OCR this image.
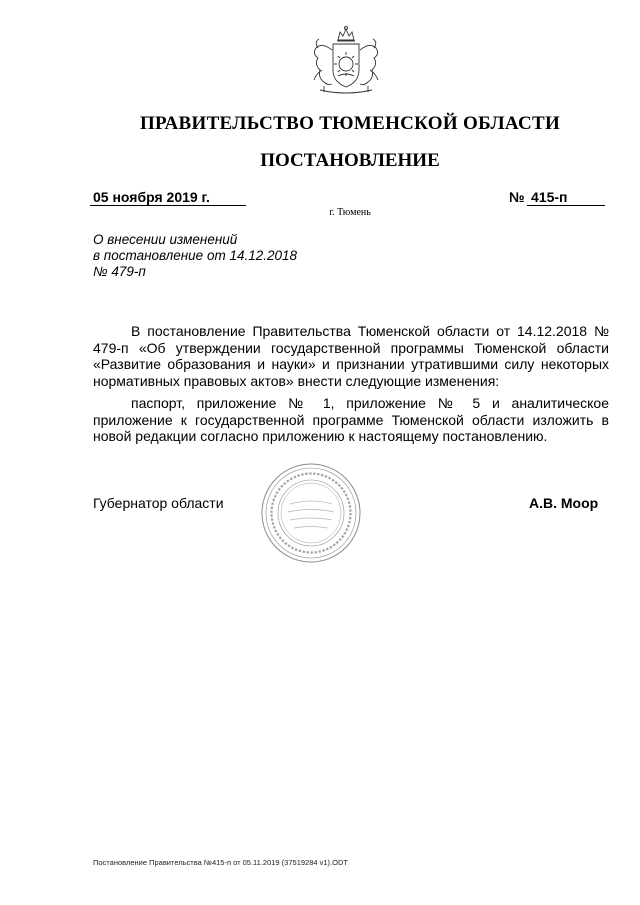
ПРАВИТЕЛЬСТВО ТЮМЕНСКОЙ ОБЛАСТИ
ПОСТАНОВЛЕНИЕ
05 ноября 2019 г.	№ 415-п
г. Тюмень
О внесении изменений
в постановление от 14.12.2018
№ 479-п
В постановление Правительства Тюменской области от 14.12.2018 № 479-п «Об утверждении государственной программы Тюменской области «Развитие образования и науки» и признании утратившими силу некоторых нормативных правовых актов» внести следующие изменения:
паспорт, приложение № 1, приложение № 5 и аналитическое приложение к государственной программе Тюменской области изложить в новой редакции согласно приложению к настоящему постановлению.
Губернатор области	А.В. Моор
Постановление Правительства №415-п от 05.11.2019 (37519284 v1).ODT
